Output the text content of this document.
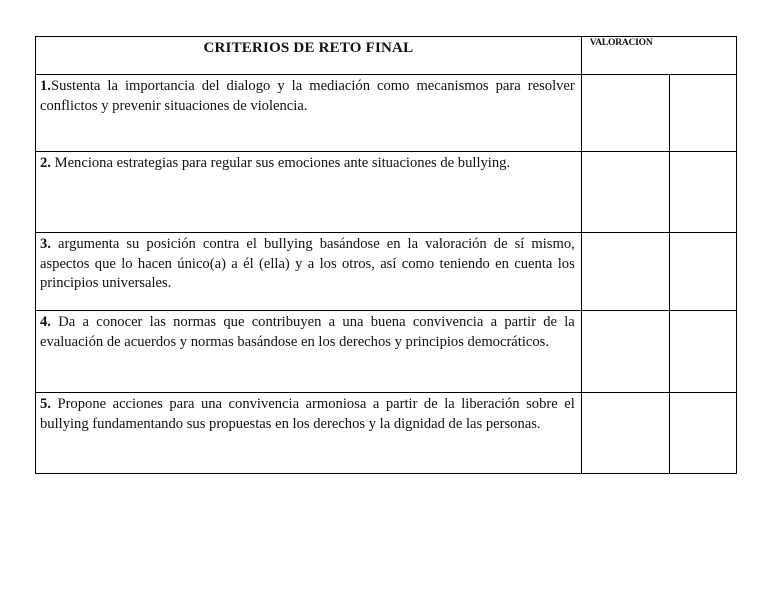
CRITERIOS DE RETO FINAL	VALORACION	
1.Sustenta la importancia del dialogo y la mediación como mecanismos para resolver conflictos y prevenir situaciones de violencia.		
2. Menciona estrategias para regular sus emociones ante situaciones de bullying.		
3. argumenta su posición contra el bullying basándose en la valoración de sí mismo, aspectos que lo hacen único(a) a él (ella) y a los otros, así como teniendo en cuenta los principios universales.		
4. Da a conocer las normas que contribuyen a una buena convivencia a partir de la evaluación de acuerdos y normas basándose en los derechos y principios democráticos.		
5. Propone acciones para una convivencia armoniosa a partir de la liberación sobre el bullying fundamentando sus propuestas en los derechos y la dignidad de las personas.		
